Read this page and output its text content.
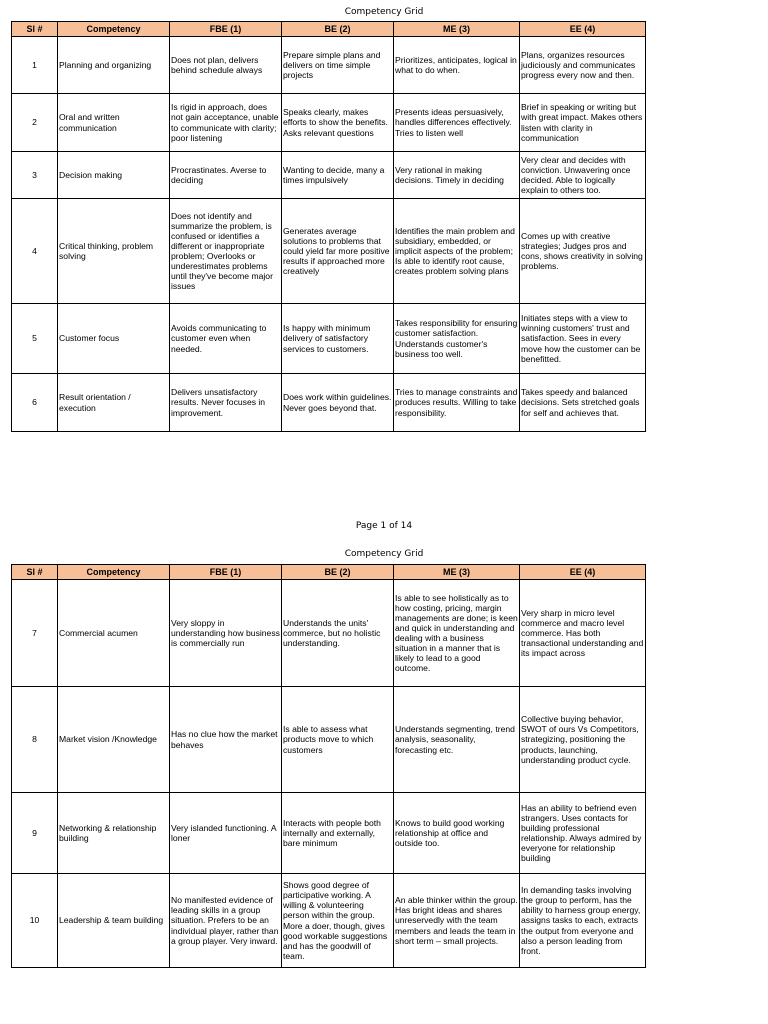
Competency Grid
Sl #	Competency	FBE (1)	BE (2)	ME (3)	EE (4)
1	Planning and organizing	Does not plan, delivers behind schedule always	Prepare simple plans and delivers on time simple projects	Prioritizes, anticipates, logical in what to do when.	Plans, organizes resources judiciously and communicates progress every now and then.
2	Oral and written communication	Is rigid in approach, does not gain acceptance, unable to communicate with clarity; poor listening	Speaks clearly, makes efforts to show the benefits. Asks relevant questions	Presents ideas persuasively, handles differences effectively. Tries to listen well	Brief in speaking or writing but with great impact. Makes others listen with clarity in communication
3	Decision making	Procrastinates. Averse to deciding	Wanting to decide, many a times impulsively	Very rational in making decisions. Timely in deciding	Very clear and decides with conviction. Unwavering once decided. Able to logically explain to others too.
4	Critical thinking, problem solving	Does not identify and summarize the problem, is confused or identifies a different or inappropriate problem; Overlooks or underestimates problems until they've become major issues	Generates average solutions to problems that could yield far more positive results if approached more creatively	Identifies the main problem and subsidiary, embedded, or implicit aspects of the problem; Is able to identify root cause, creates problem solving plans	Comes up with creative strategies; Judges pros and cons, shows creativity in solving problems.
5	Customer focus	Avoids communicating to customer even when needed.	Is happy with minimum delivery of satisfactory services to customers.	Takes responsibility for ensuring customer satisfaction. Understands customer's business too well.	Initiates steps with a view to winning customers' trust and satisfaction. Sees in every move how the customer can be benefitted.
6	Result orientation / execution	Delivers unsatisfactory results. Never focuses in improvement.	Does work within guidelines. Never goes beyond that.	Tries to manage constraints and produces results. Willing to take responsibility.	Takes speedy and balanced decisions. Sets stretched goals for self and achieves that.
Page 1 of 14
Competency Grid
Sl #	Competency	FBE (1)	BE (2)	ME (3)	EE (4)
7	Commercial acumen	Very sloppy in understanding how business is commercially run	Understands the units' commerce, but no holistic understanding.	Is able to see holistically as to how costing, pricing, margin managements are done; is keen and quick in understanding and dealing with a business situation in a manner that is likely to lead to a good outcome.	Very sharp in micro level commerce and macro level commerce. Has both transactional understanding and its impact across
8	Market vision /Knowledge	Has no clue how the market behaves	Is able to assess what products move to which customers	Understands segmenting, trend analysis, seasonality, forecasting etc.	Collective buying behavior, SWOT of ours Vs Competitors, strategizing, positioning the products, launching, understanding product cycle.
9	Networking & relationship building	Very islanded functioning. A loner	Interacts with people both internally and externally, bare minimum	Knows to build good working relationship at office and outside too.	Has an ability to befriend even strangers. Uses contacts for building professional relationship. Always admired by everyone for relationship building
10	Leadership & team building	No manifested evidence of leading skills in a group situation. Prefers to be an individual player, rather than a group player. Very inward.	Shows good degree of participative working. A willing & volunteering person within the group. More a doer, though, gives good workable suggestions and has the goodwill of team.	An able thinker within the group. Has bright ideas and shares unreservedly with the team members and leads the team in short term – small projects.	In demanding tasks involving the group to perform, has the ability to harness group energy, assigns tasks to each, extracts the output from everyone and also a person leading from front.
